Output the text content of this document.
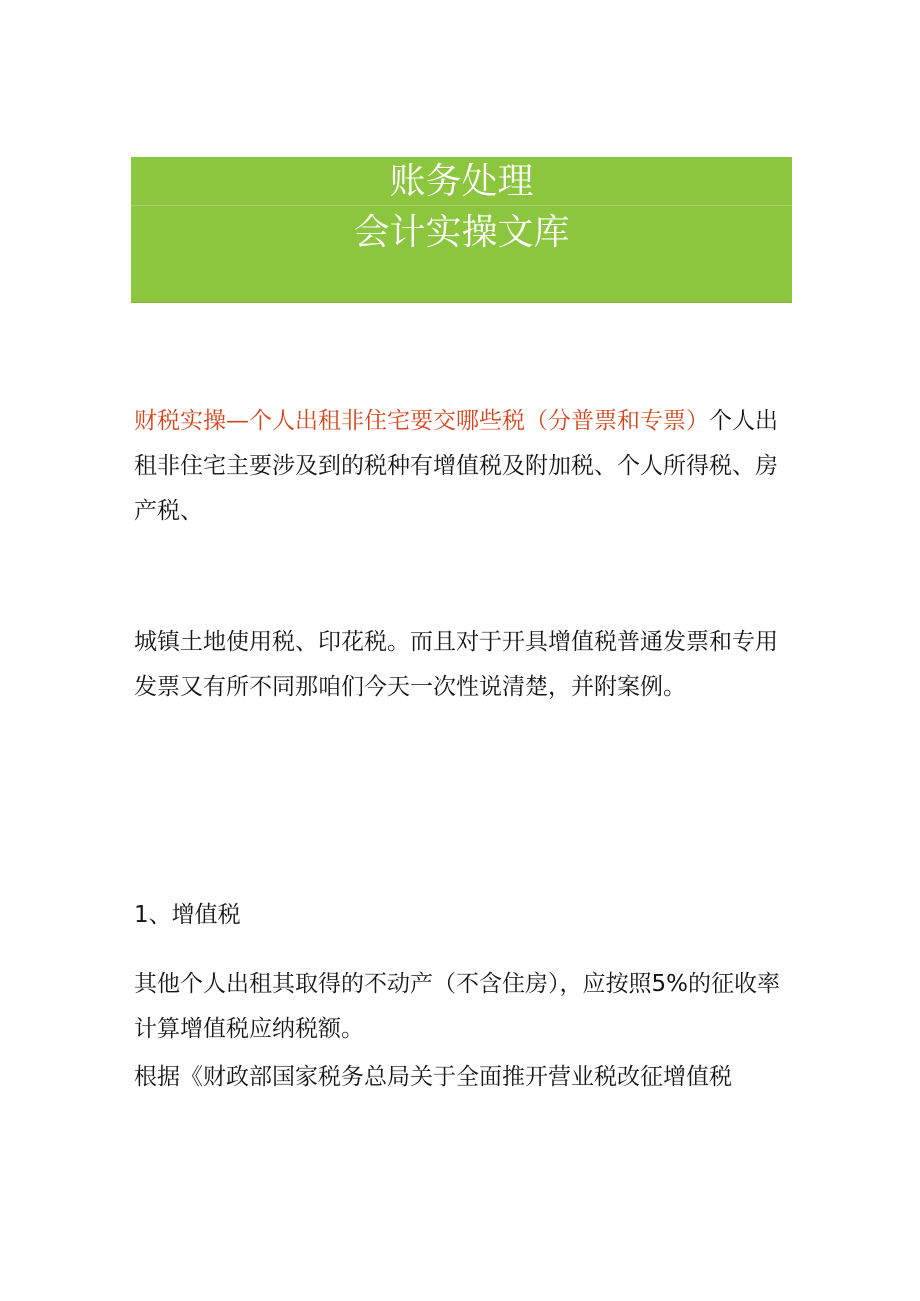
账务处理
会计实操文库

财税实操—个人出租非住宅要交哪些税（分普票和专票）个人出租非住宅主要涉及到的税种有增值税及附加税、个人所得税、房产税、

城镇土地使用税、印花税。而且对于开具增值税普通发票和专用发票又有所不同那咱们今天一次性说清楚，并附案例。

1、增值税

其他个人出租其取得的不动产（不含住房），应按照5%的征收率计算增值税应纳税额。

根据《财政部国家税务总局关于全面推开营业税改征增值税
